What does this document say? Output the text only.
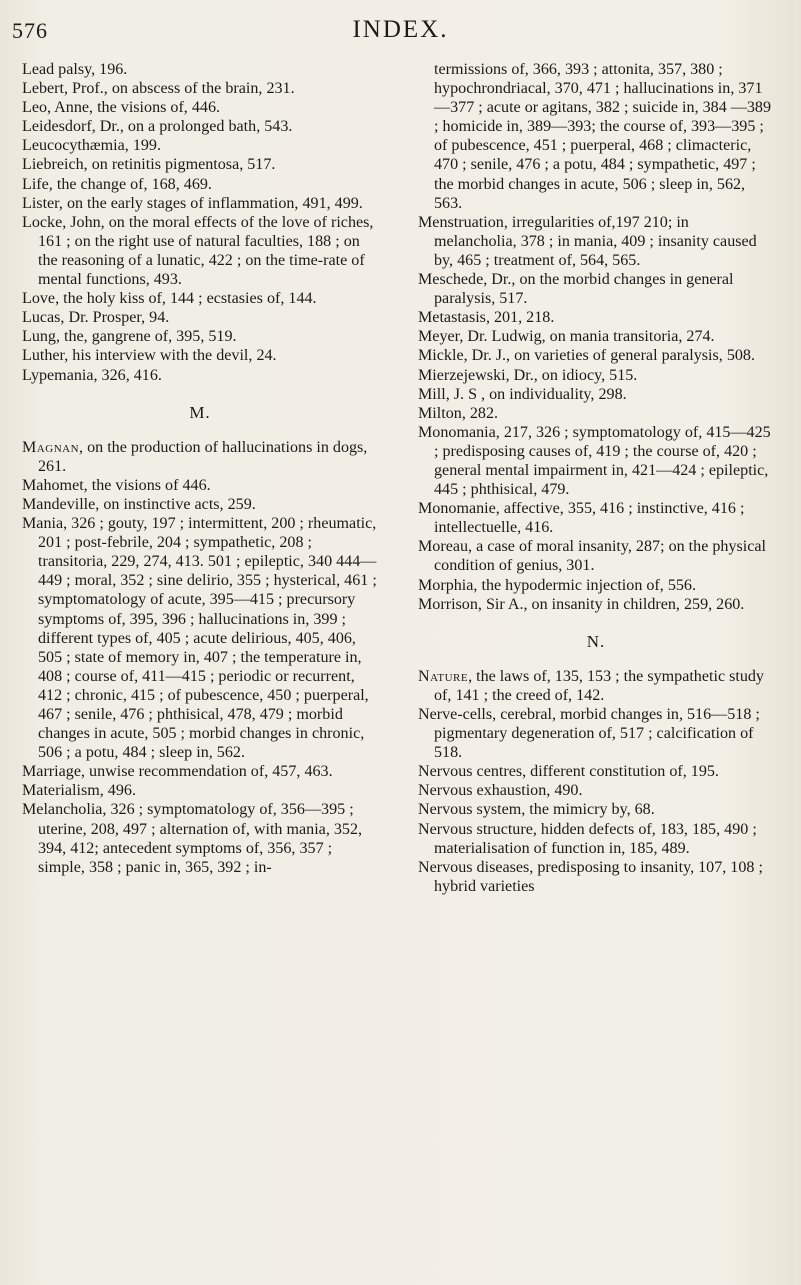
576	INDEX.

Lead palsy, 196.

Lebert, Prof., on abscess of the brain, 231.

Leo, Anne, the visions of, 446.

Leidesdorf, Dr., on a prolonged bath, 543.

Leucocythæmia, 199.

Liebreich, on retinitis pigmentosa, 517.

Life, the change of, 168, 469.

Lister, on the early stages of inflammation, 491, 499.

Locke, John, on the moral effects of the love of riches, 161 ; on the right use of natural faculties, 188 ; on the reasoning of a lunatic, 422 ; on the time-rate of mental functions, 493.

Love, the holy kiss of, 144 ; ecstasies of, 144.

Lucas, Dr. Prosper, 94.

Lung, the, gangrene of, 395, 519.

Luther, his interview with the devil, 24.

Lypemania, 326, 416.

M.

Magnan, on the production of hallucinations in dogs, 261.

Mahomet, the visions of 446.

Mandeville, on instinctive acts, 259.

Mania, 326 ; gouty, 197 ; intermittent, 200 ; rheumatic, 201 ; post-febrile, 204 ; sympathetic, 208 ; transitoria, 229, 274, 413. 501 ; epileptic, 340 444—449 ; moral, 352 ; sine delirio, 355 ; hysterical, 461 ; symptomatology of acute, 395—415 ; precursory symptoms of, 395, 396 ; hallucinations in, 399 ; different types of, 405 ; acute delirious, 405, 406, 505 ; state of memory in, 407 ; the temperature in, 408 ; course of, 411—415 ; periodic or recurrent, 412 ; chronic, 415 ; of pubescence, 450 ; puerperal, 467 ; senile, 476 ; phthisical, 478, 479 ; morbid changes in acute, 505 ; morbid changes in chronic, 506 ; a potu, 484 ; sleep in, 562.

Marriage, unwise recommendation of, 457, 463.

Materialism, 496.

Melancholia, 326 ; symptomatology of, 356—395 ; uterine, 208, 497 ; alternation of, with mania, 352, 394, 412; antecedent symptoms of, 356, 357 ; simple, 358 ; panic in, 365, 392 ; in-

termissions of, 366, 393 ; attonita, 357, 380 ; hypochrondriacal, 370, 471 ; hallucinations in, 371—377 ; acute or agitans, 382 ; suicide in, 384 —389 ; homicide in, 389—393; the course of, 393—395 ; of pubescence, 451 ; puerperal, 468 ; climacteric, 470 ; senile, 476 ; a potu, 484 ; sympathetic, 497 ; the morbid changes in acute, 506 ; sleep in, 562, 563.

Menstruation, irregularities of,197 210; in melancholia, 378 ; in mania, 409 ; insanity caused by, 465 ; treatment of, 564, 565.

Meschede, Dr., on the morbid changes in general paralysis, 517.

Metastasis, 201, 218.

Meyer, Dr. Ludwig, on mania transitoria, 274.

Mickle, Dr. J., on varieties of general paralysis, 508.

Mierzejewski, Dr., on idiocy, 515.

Mill, J. S , on individuality, 298.

Milton, 282.

Monomania, 217, 326 ; symptomatology of, 415—425 ; predisposing causes of, 419 ; the course of, 420 ; general mental impairment in, 421—424 ; epileptic, 445 ; phthisical, 479.

Monomanie, affective, 355, 416 ; instinctive, 416 ; intellectuelle, 416.

Moreau, a case of moral insanity, 287; on the physical condition of genius, 301.

Morphia, the hypodermic injection of, 556.

Morrison, Sir A., on insanity in children, 259, 260.

N.

Nature, the laws of, 135, 153 ; the sympathetic study of, 141 ; the creed of, 142.

Nerve-cells, cerebral, morbid changes in, 516—518 ; pigmentary degeneration of, 517 ; calcification of 518.

Nervous centres, different constitution of, 195.

Nervous exhaustion, 490.

Nervous system, the mimicry by, 68.

Nervous structure, hidden defects of, 183, 185, 490 ; materialisation of function in, 185, 489.

Nervous diseases, predisposing to insanity, 107, 108 ; hybrid varieties
